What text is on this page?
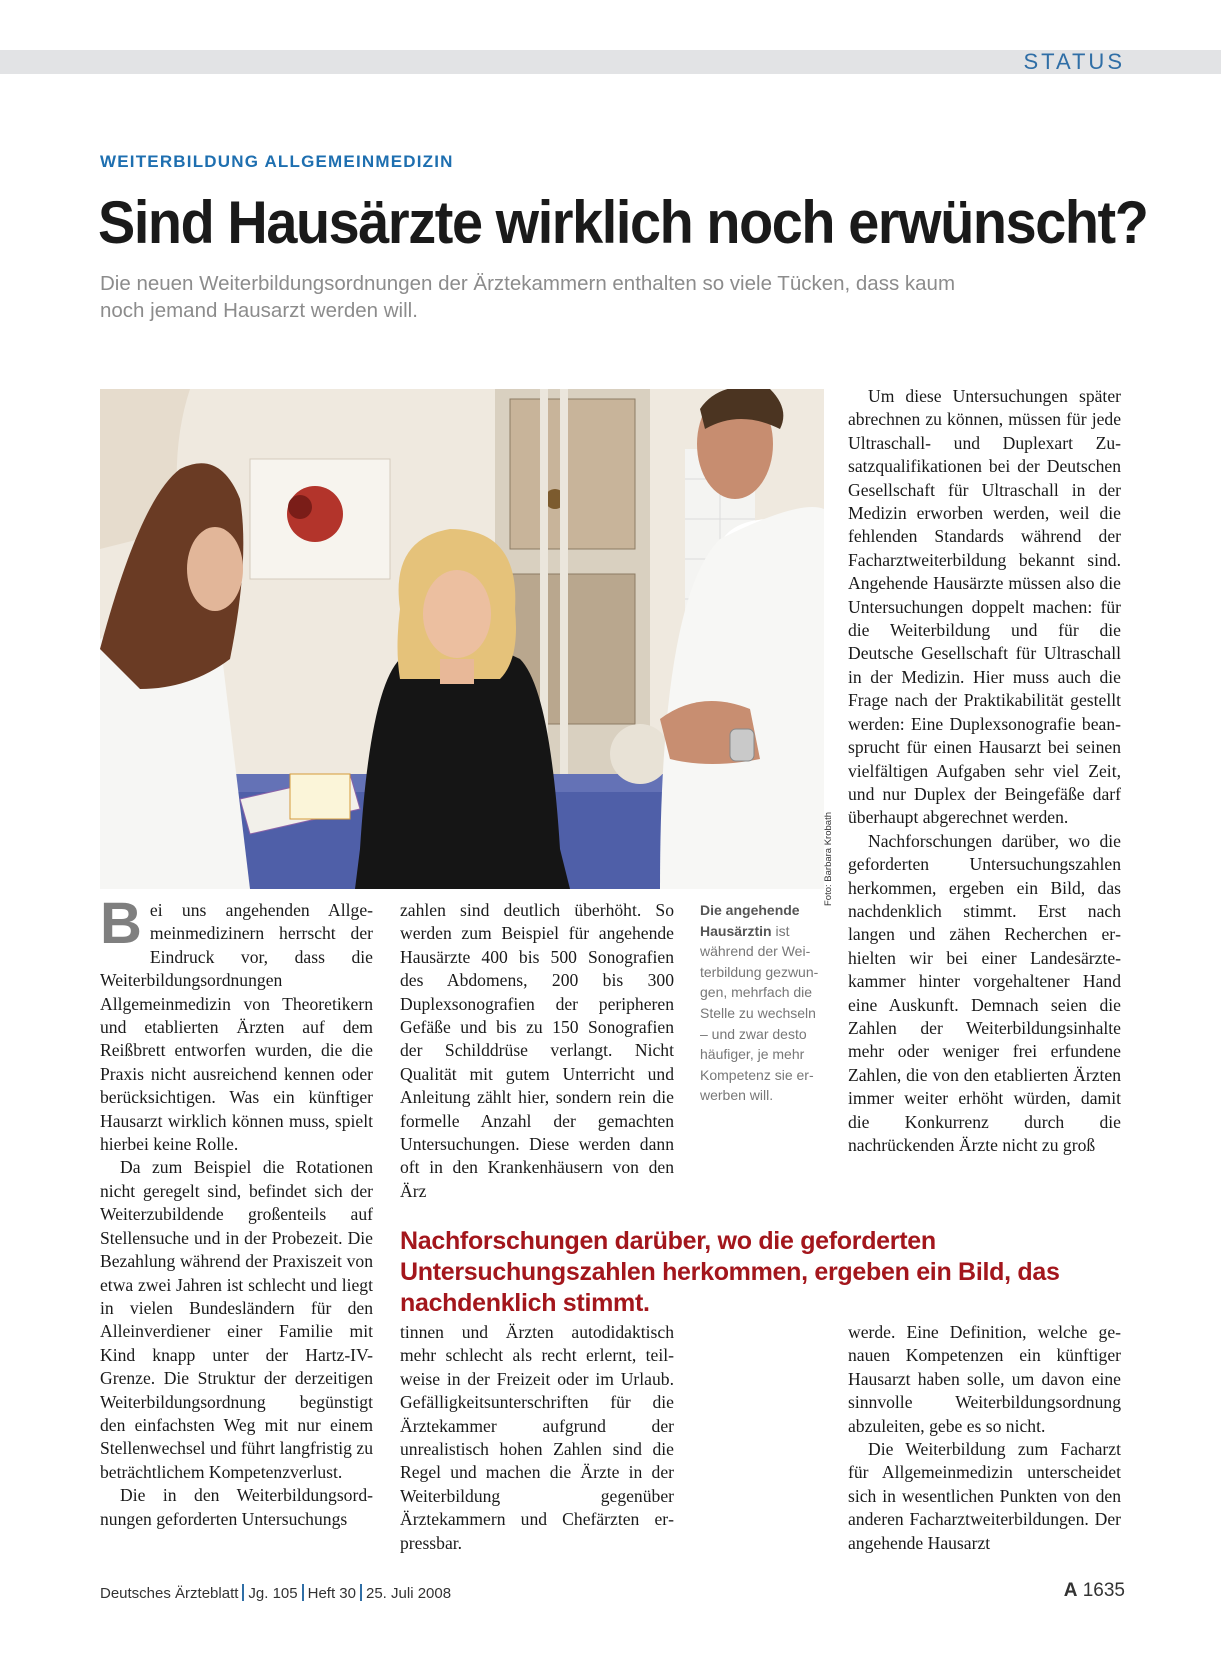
STATUS
WEITERBILDUNG ALLGEMEINMEDIZIN
Sind Hausärzte wirklich noch erwünscht?
Die neuen Weiterbildungsordnungen der Ärztekammern enthalten so viele Tücken, dass kaum noch jemand Hausarzt werden will.
Foto: Barbara Krobath

Bei uns angehenden Allgemeinmedizinern herrscht der Eindruck vor, dass die Weiterbildungsordnungen Allgemeinmedizin von Theoretikern und etablierten Ärzten auf dem Reißbrett entworfen wurden, die die Praxis nicht ausreichend kennen oder berücksichtigen. Was ein künftiger Hausarzt wirklich können muss, spielt hierbei keine Rolle.

Da zum Beispiel die Rotationen nicht geregelt sind, befindet sich der Weiterzubildende großenteils auf Stellensuche und in der Probezeit. Die Bezahlung während der Praxiszeit von etwa zwei Jahren ist schlecht und liegt in vielen Bundesländern für den Alleinverdiener einer Familie mit Kind knapp unter der Hartz-IV-Grenze. Die Struktur der derzeitigen Weiterbildungsordnung begünstigt den einfachsten Weg mit nur einem Stellenwechsel und führt langfristig zu beträchtlichem Kompetenzverlust.

Die in den Weiterbildungsordnungen geforderten Untersuchungs

zahlen sind deutlich überhöht. So werden zum Beispiel für angehende Hausärzte 400 bis 500 Sonografien des Abdomens, 200 bis 300 Duplexsonografien der peripheren Gefäße und bis zu 150 Sonografien der Schilddrüse verlangt. Nicht Qualität mit gutem Unterricht und Anleitung zählt hier, sondern rein die formelle Anzahl der gemachten Untersuchungen. Diese werden dann oft in den Krankenhäusern von den Ärz

Die angehende Hausärztin ist während der Weiterbildung gezwungen, mehrfach die Stelle zu wechseln – und zwar desto häufiger, je mehr Kompetenz sie erwerben will.

Um diese Untersuchungen später abrechnen zu können, müssen für jede Ultraschall- und Duplexart Zusatzqualifikationen bei der Deutschen Gesellschaft für Ultraschall in der Medizin erworben werden, weil die fehlenden Standards während der Facharztweiterbildung bekannt sind. Angehende Hausärzte müssen also die Untersuchungen doppelt machen: für die Weiterbildung und für die Deutsche Gesellschaft für Ultraschall in der Medizin. Hier muss auch die Frage nach der Praktikabilität gestellt werden: Eine Duplexsonografie beansprucht für einen Hausarzt bei seinen vielfältigen Aufgaben sehr viel Zeit, und nur Duplex der Beingefäße darf überhaupt abgerechnet werden.

Nachforschungen darüber, wo die geforderten Untersuchungszahlen herkommen, ergeben ein Bild, das nachdenklich stimmt. Erst nach langen und zähen Recherchen erhielten wir bei einer Landesärztekammer hinter vorgehaltener Hand eine Auskunft. Demnach seien die Zahlen der Weiterbildungsinhalte mehr oder weniger frei erfundene Zahlen, die von den etablierten Ärzten immer weiter erhöht würden, damit die Konkurrenz durch die nachrückenden Ärzte nicht zu groß

Nachforschungen darüber, wo die geforderten Untersuchungszahlen herkommen, ergeben ein Bild, das nachdenklich stimmt.

tinnen und Ärzten autodidaktisch mehr schlecht als recht erlernt, teilweise in der Freizeit oder im Urlaub. Gefälligkeitsunterschriften für die Ärztekammer aufgrund der unrealistisch hohen Zahlen sind die Regel und machen die Ärzte in der Weiterbildung gegenüber Ärztekammern und Chefärzten erpressbar.

werde. Eine Definition, welche genauen Kompetenzen ein künftiger Hausarzt haben solle, um davon eine sinnvolle Weiterbildungsordnung abzuleiten, gebe es so nicht.

Die Weiterbildung zum Facharzt für Allgemeinmedizin unterscheidet sich in wesentlichen Punkten von den anderen Facharztweiterbildungen. Der angehende Hausarzt

Deutsches Ärzteblatt Jg. 105 Heft 30 25. Juli 2008	A 1635
